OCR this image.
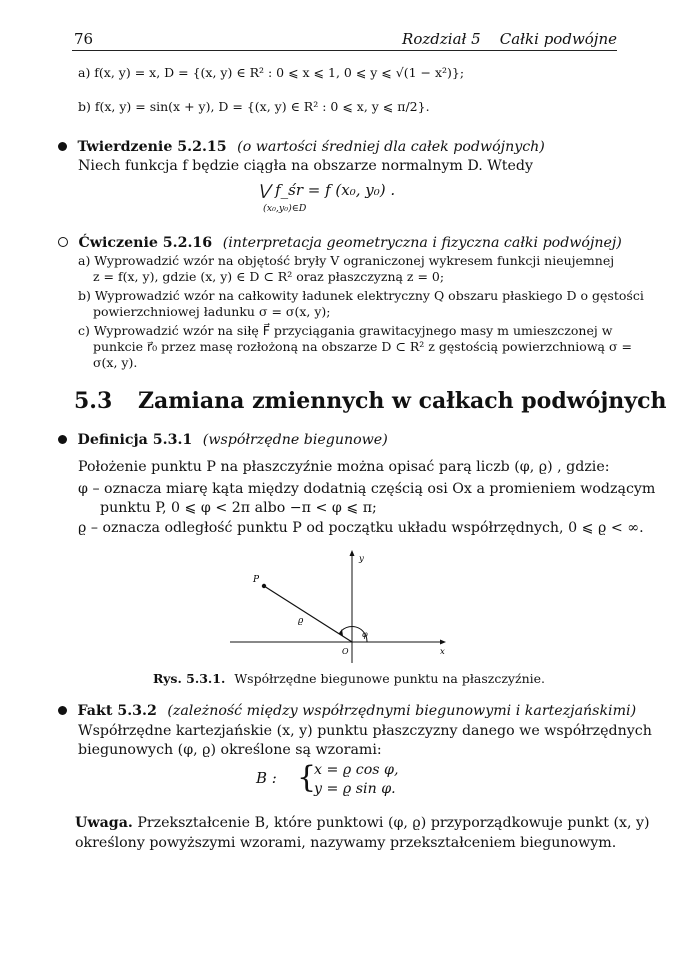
76	Rozdział 5    Całki podwójne
a) f(x, y) = x, D = {(x, y) ∈ R² : 0 ⩽ x ⩽ 1, 0 ⩽ y ⩽ √(1 − x²)};
b) f(x, y) = sin(x + y), D = {(x, y) ∈ R² : 0 ⩽ x, y ⩽ π/2}.
Twierdzenie 5.2.15 (o wartości średniej dla całek podwójnych)
Niech funkcja f będzie ciągła na obszarze normalnym D. Wtedy
⋁ f_śr = f (x₀, y₀) .
(x₀,y₀)∈D
Ćwiczenie 5.2.16 (interpretacja geometryczna i fizyczna całki podwójnej)
a) Wyprowadzić wzór na objętość bryły V ograniczonej wykresem funkcji nieujemnej
z = f(x, y), gdzie (x, y) ∈ D ⊂ R² oraz płaszczyzną z = 0;
b) Wyprowadzić wzór na całkowity ładunek elektryczny Q obszaru płaskiego D o gęstości
powierzchniowej ładunku σ = σ(x, y);
c) Wyprowadzić wzór na siłę F⃗ przyciągania grawitacyjnego masy m umieszczonej w
punkcie r⃗₀ przez masę rozłożoną na obszarze D ⊂ R² z gęstością powierzchniową σ =
σ(x, y).
5.3 Zamiana zmiennych w całkach podwójnych
Definicja 5.3.1 (współrzędne biegunowe)
Położenie punktu P na płaszczyźnie można opisać parą liczb (φ, ϱ) , gdzie:
φ – oznacza miarę kąta między dodatnią częścią osi Ox a promieniem wodzącym
punktu P, 0 ⩽ φ < 2π albo −π < φ ⩽ π;
ϱ – oznacza odległość punktu P od początku układu współrzędnych, 0 ⩽ ϱ < ∞.
y
x
P
ϱ
φ
O
Rys. 5.3.1. Współrzędne biegunowe punktu na płaszczyźnie.
Fakt 5.3.2 (zależność między współrzędnymi biegunowymi i kartezjańskimi)
Współrzędne kartezjańskie (x, y) punktu płaszczyzny danego we współrzędnych
biegunowych (φ, ϱ) określone są wzorami:
B : {
x = ϱ cos φ,
y = ϱ sin φ.
Uwaga. Przekształcenie B, które punktowi (φ, ϱ) przyporządkowuje punkt (x, y)
określony powyższymi wzorami, nazywamy przekształceniem biegunowym.
